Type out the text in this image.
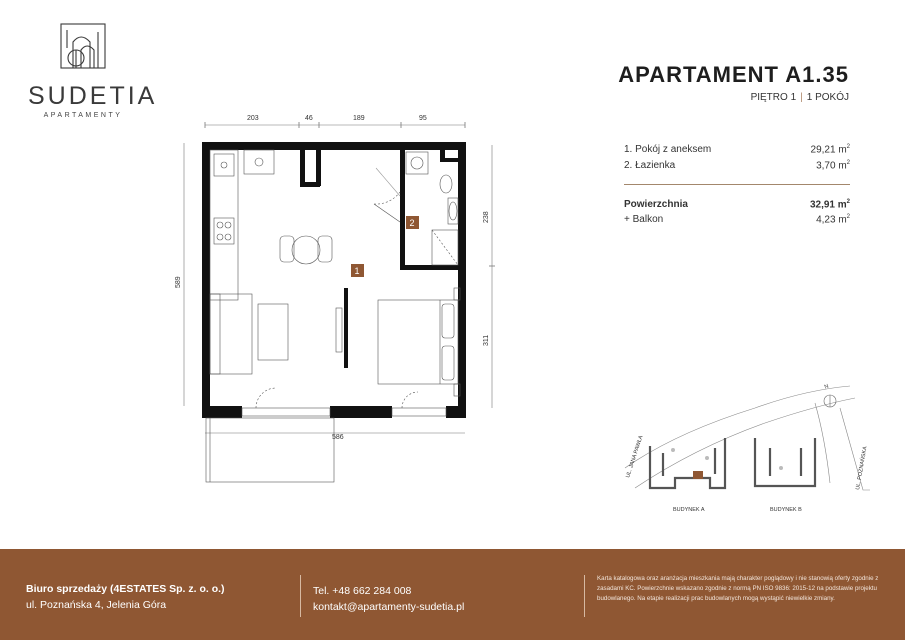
SUDETIA
APARTAMENTY
APARTAMENT A1.35
PIĘTRO 1 | 1 POKÓJ
1. Pokój z aneksem	29,21 $m^2$
2. Łazienka	3,70 $m^2$
Powierzchnia	32,91 $m^2$
+ Balkon	4,23 $m^2$
203	46	189	95
589
238
311
586
1
2
N
UL. JANA PAWŁA	UL. POZNAŃSKA
BUDYNEK A	BUDYNEK B
Biuro sprzedaży (4ESTATES Sp. z. o. o.)
ul. Poznańska 4, Jelenia Góra
Tel. +48 662 284 008
kontakt@apartamenty-sudetia.pl
Karta katalogowa oraz aranżacja mieszkania mają charakter poglądowy i nie stanowią oferty zgodnie z zasadami KC. Powierzchnie wskazano zgodnie z normą PN ISO 9836: 2015-12 na podstawie projektu budowlanego. Na etapie realizacji prac budowlanych mogą wystąpić niewielkie zmiany.
